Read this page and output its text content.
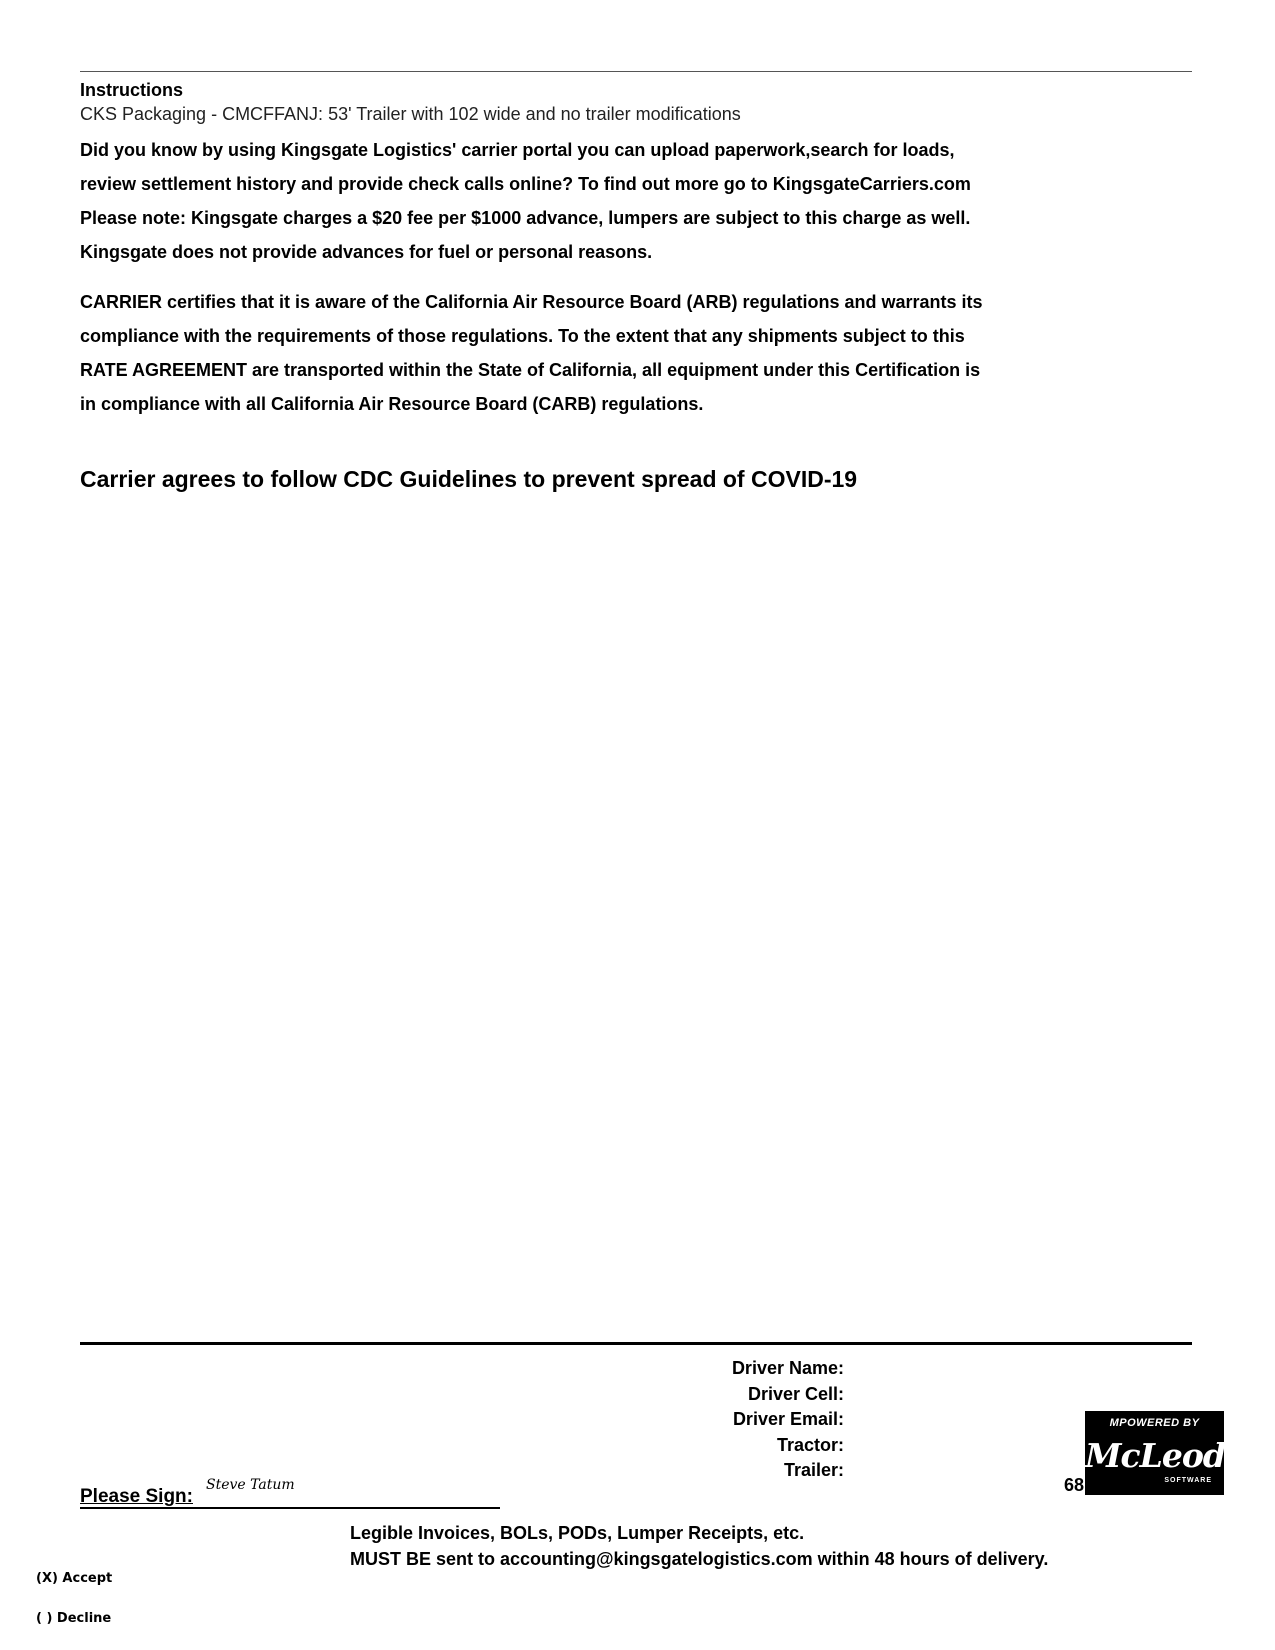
Instructions
CKS Packaging - CMCFFANJ: 53' Trailer with 102 wide and no trailer modifications
Did you know by using Kingsgate Logistics' carrier portal you can upload paperwork,search for loads,
review settlement history and provide check calls online? To find out more go to KingsgateCarriers.com
Please note: Kingsgate charges a $20 fee per $1000 advance, lumpers are subject to this charge as well.
Kingsgate does not provide advances for fuel or personal reasons.
CARRIER certifies that it is aware of the California Air Resource Board (ARB) regulations and warrants its
compliance with the requirements of those regulations. To the extent that any shipments subject to this
RATE AGREEMENT are transported within the State of California, all equipment under this Certification is
in compliance with all California Air Resource Board (CARB) regulations.
Carrier agrees to follow CDC Guidelines to prevent spread of COVID-19
Driver Name:
Driver Cell:
Driver Email:
Tractor:
Trailer:
68
MPOWERED BY
McLeod
SOFTWARE
Please Sign:
Steve Tatum
Legible Invoices, BOLs, PODs, Lumper Receipts, etc.
MUST BE sent to accounting@kingsgatelogistics.com within 48 hours of delivery.
(X) Accept
( ) Decline
